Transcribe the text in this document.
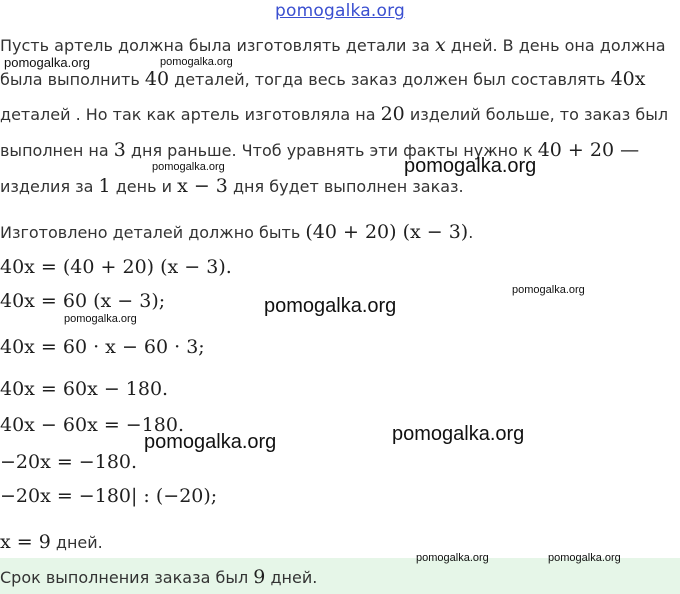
pomogalka.org
Пусть артель должна была изготовлять детали за x дней. В день она должна
была выполнить 40 деталей, тогда весь заказ должен был составлять 40x
деталей . Но так как артель изготовляла на 20 изделий больше, то заказ был
выполнен на 3 дня раньше. Чтоб уравнять эти факты нужно к 40 + 20 —
изделия за 1 день и x − 3 дня будет выполнен заказ.
Изготовлено деталей должно быть (40 + 20) (x − 3).
40x = (40 + 20) (x − 3).
40x = 60 (x − 3);
40x = 60 · x − 60 · 3;
40x = 60x − 180.
40x − 60x = −180.
−20x = −180.
−20x = −180| : (−20);
x = 9 дней.
Срок выполнения заказа был 9 дней.
pomogalka.org	pomogalka.org
pomogalka.org	pomogalka.org
pomogalka.org
pomogalka.org
pomogalka.org
pomogalka.org	pomogalka.org
pomogalka.org	pomogalka.org
